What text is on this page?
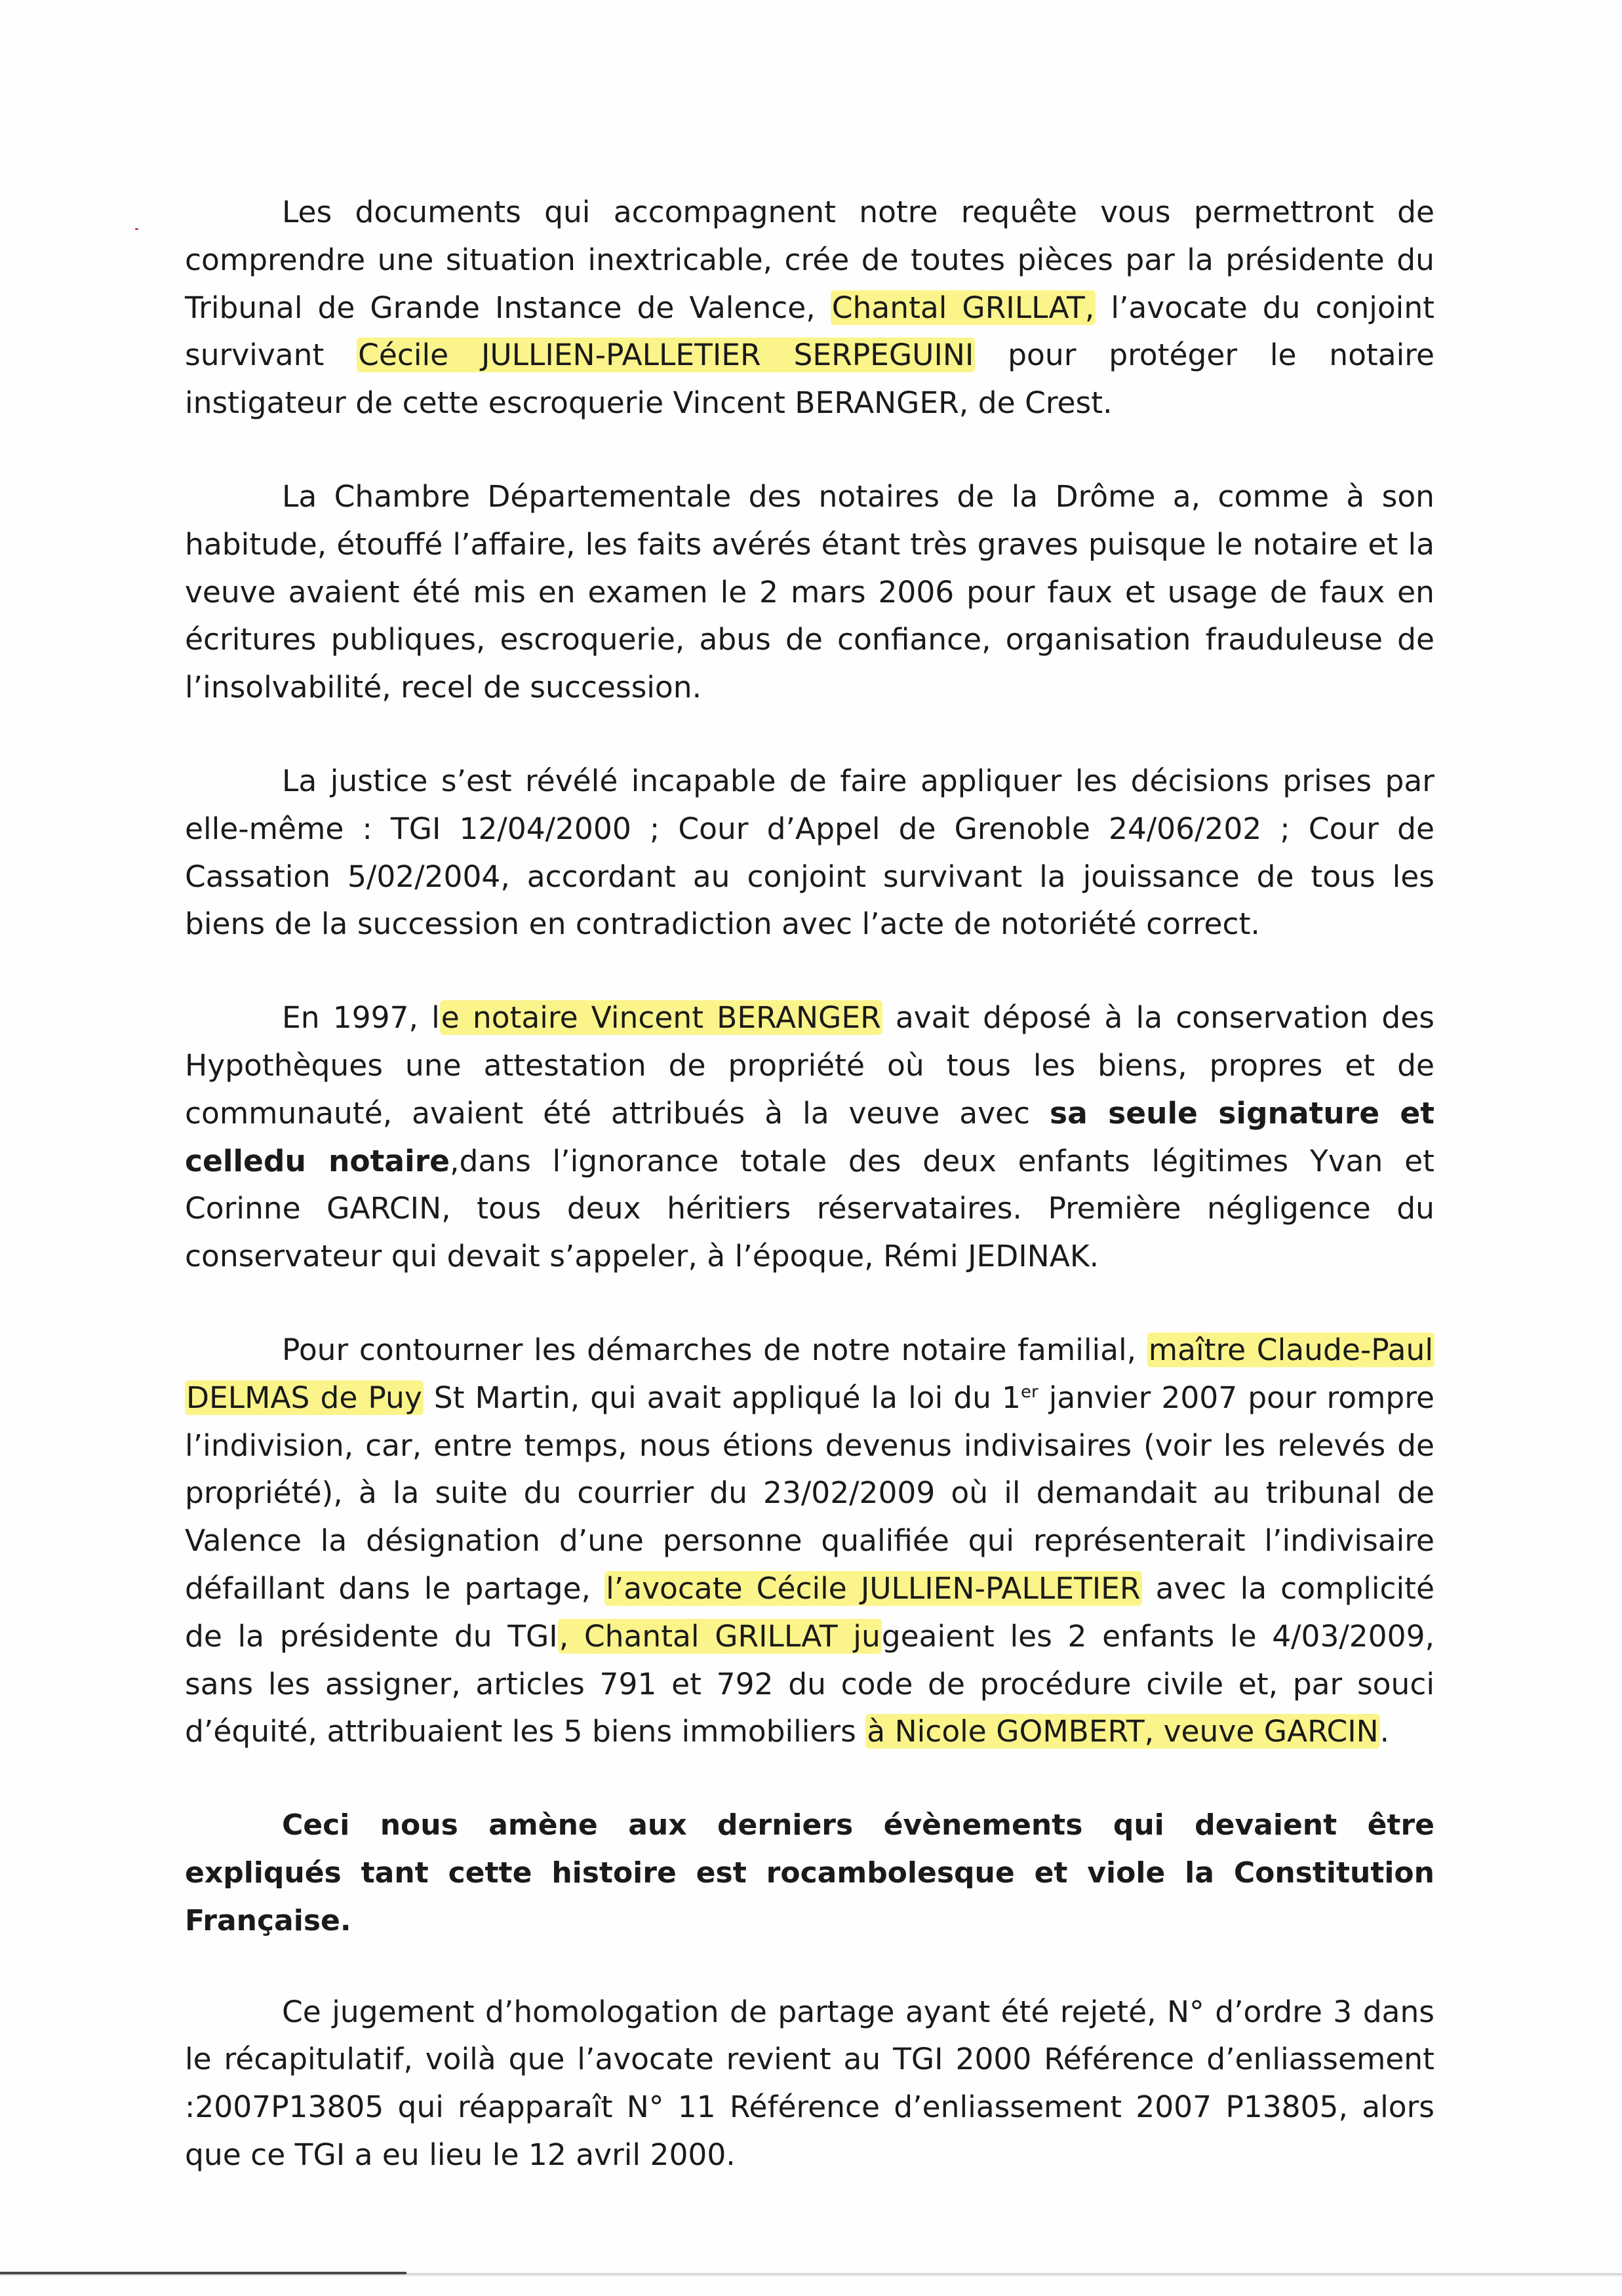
Les documents qui accompagnent notre requête vous permettront de comprendre une situation inextricable, crée de toutes pièces par la présidente du Tribunal de Grande Instance de Valence, Chantal GRILLAT, l’avocate du conjoint survivant Cécile JULLIEN-PALLETIER SERPEGUINI pour protéger le notaire instigateur de cette escroquerie Vincent BERANGER, de Crest.

La Chambre Départementale des notaires de la Drôme a, comme à son habitude, étouffé l’affaire, les faits avérés étant très graves puisque le notaire et la veuve avaient été mis en examen le 2 mars 2006 pour faux et usage de faux en écritures publiques, escroquerie, abus de confiance, organisation frauduleuse de l’insolvabilité, recel de succession.

La justice s’est révélé incapable de faire appliquer les décisions prises par elle-même : TGI 12/04/2000 ; Cour d’Appel de Grenoble 24/06/202 ; Cour de Cassation 5/02/2004, accordant au conjoint survivant la jouissance de tous les biens de la succession en contradiction avec l’acte de notoriété correct.

En 1997, le notaire Vincent BERANGER avait déposé à la conservation des Hypothèques une attestation de propriété où tous les biens, propres et de communauté, avaient été attribués à la veuve avec sa seule signature et celledu notaire,dans l’ignorance totale des deux enfants légitimes Yvan et Corinne GARCIN, tous deux héritiers réservataires. Première négligence du conservateur qui devait s’appeler, à l’époque, Rémi JEDINAK.

Pour contourner les démarches de notre notaire familial, maître Claude-Paul DELMAS de Puy St Martin, qui avait appliqué la loi du 1er janvier 2007 pour rompre l’indivision, car, entre temps, nous étions devenus indivisaires (voir les relevés de propriété), à la suite du courrier du 23/02/2009 où il demandait au tribunal de Valence la désignation d’une personne qualifiée qui représenterait l’indivisaire défaillant dans le partage, l’avocate Cécile JULLIEN-PALLETIER avec la complicité de la présidente du TGI, Chantal GRILLAT jugeaient les 2 enfants le 4/03/2009, sans les assigner, articles 791 et 792 du code de procédure civile et, par souci d’équité, attribuaient les 5 biens immobiliers à Nicole GOMBERT, veuve GARCIN.

Ceci nous amène aux derniers évènements qui devaient être expliqués tant cette histoire est rocambolesque et viole la Constitution Française.

Ce jugement d’homologation de partage ayant été rejeté, N° d’ordre 3 dans le récapitulatif, voilà que l’avocate revient au TGI 2000 Référence d’enliassement :2007P13805 qui réapparaît N° 11 Référence d’enliassement 2007 P13805, alors que ce TGI a eu lieu le 12 avril 2000.
